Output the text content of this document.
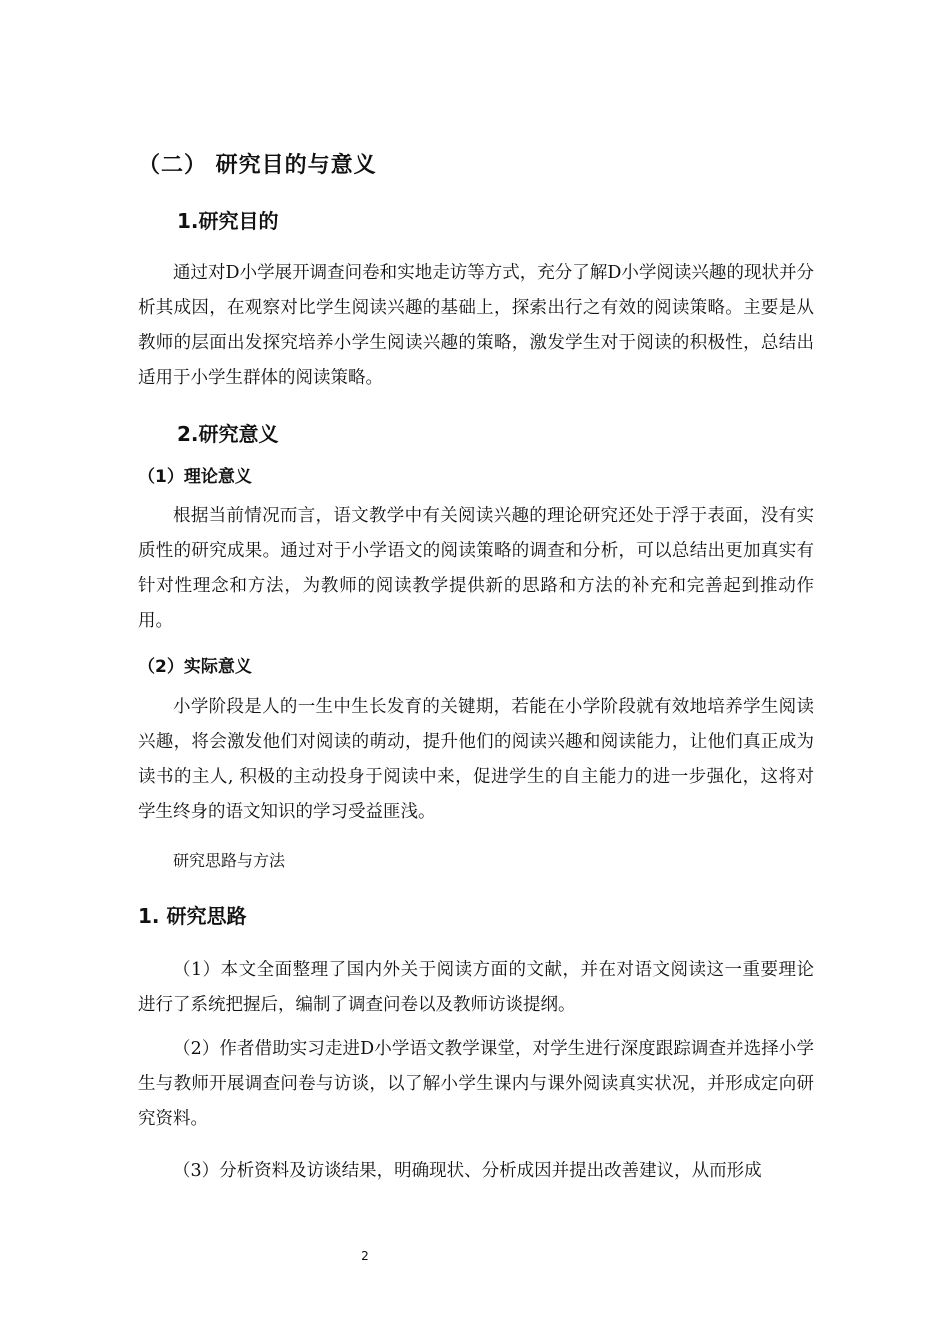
（二） 研究目的与意义
1.研究目的

通过对D小学展开调查问卷和实地走访等方式，充分了解D小学阅读兴趣的现状并分析其成因，在观察对比学生阅读兴趣的基础上，探索出行之有效的阅读策略。主要是从教师的层面出发探究培养小学生阅读兴趣的策略，激发学生对于阅读的积极性，总结出适用于小学生群体的阅读策略。

2.研究意义
（1）理论意义

根据当前情况而言，语文教学中有关阅读兴趣的理论研究还处于浮于表面，没有实质性的研究成果。通过对于小学语文的阅读策略的调查和分析，可以总结出更加真实有针对性理念和方法，为教师的阅读教学提供新的思路和方法的补充和完善起到推动作用。

（2）实际意义

小学阶段是人的一生中生长发育的关键期，若能在小学阶段就有效地培养学生阅读兴趣，将会激发他们对阅读的萌动，提升他们的阅读兴趣和阅读能力，让他们真正成为读书的主人, 积极的主动投身于阅读中来，促进学生的自主能力的进一步强化，这将对学生终身的语文知识的学习受益匪浅。

研究思路与方法
1. 研究思路

（1）本文全面整理了国内外关于阅读方面的文献，并在对语文阅读这一重要理论进行了系统把握后，编制了调查问卷以及教师访谈提纲。

（2）作者借助实习走进D小学语文教学课堂，对学生进行深度跟踪调查并选择小学生与教师开展调查问卷与访谈，以了解小学生课内与课外阅读真实状况，并形成定向研究资料。

（3）分析资料及访谈结果，明确现状、分析成因并提出改善建议，从而形成

2
